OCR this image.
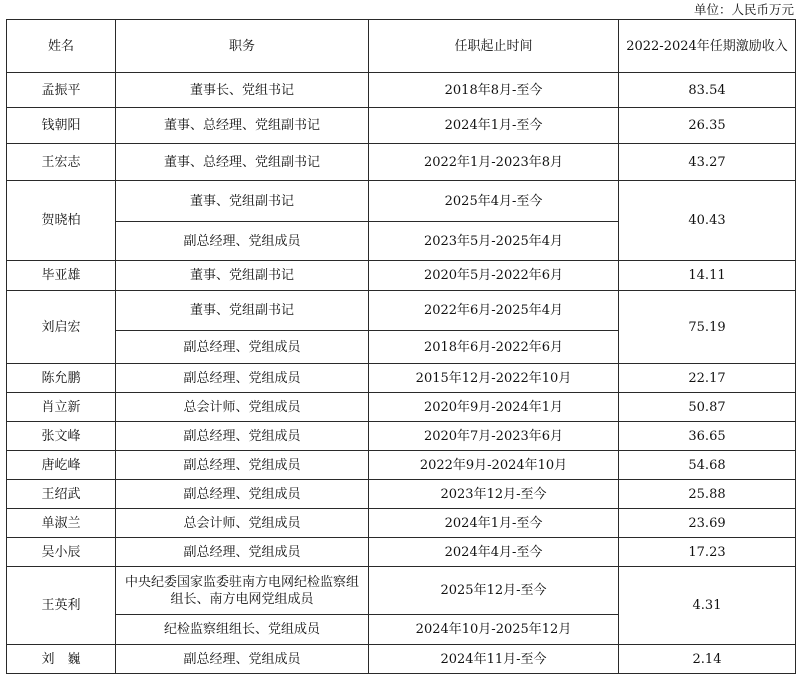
单位：人民币万元
姓名	职务	任职起止时间	2022-2024年任期激励收入
孟振平	董事长、党组书记	2018年8月-至今	83.54
钱朝阳	董事、总经理、党组副书记	2024年1月-至今	26.35
王宏志	董事、总经理、党组副书记	2022年1月-2023年8月	43.27
贺晓柏	董事、党组副书记	2025年4月-至今	40.43
	副总经理、党组成员	2023年5月-2025年4月	
毕亚雄	董事、党组副书记	2020年5月-2022年6月	14.11
刘启宏	董事、党组副书记	2022年6月-2025年4月	75.19
	副总经理、党组成员	2018年6月-2022年6月	
陈允鹏	副总经理、党组成员	2015年12月-2022年10月	22.17
肖立新	总会计师、党组成员	2020年9月-2024年1月	50.87
张文峰	副总经理、党组成员	2020年7月-2023年6月	36.65
唐屹峰	副总经理、党组成员	2022年9月-2024年10月	54.68
王绍武	副总经理、党组成员	2023年12月-至今	25.88
单淑兰	总会计师、党组成员	2024年1月-至今	23.69
吴小辰	副总经理、党组成员	2024年4月-至今	17.23
王英利	中央纪委国家监委驻南方电网纪检监察组组长、南方电网党组成员	2025年12月-至今	4.31
	纪检监察组组长、党组成员	2024年10月-2025年12月	
刘　巍	副总经理、党组成员	2024年11月-至今	2.14
